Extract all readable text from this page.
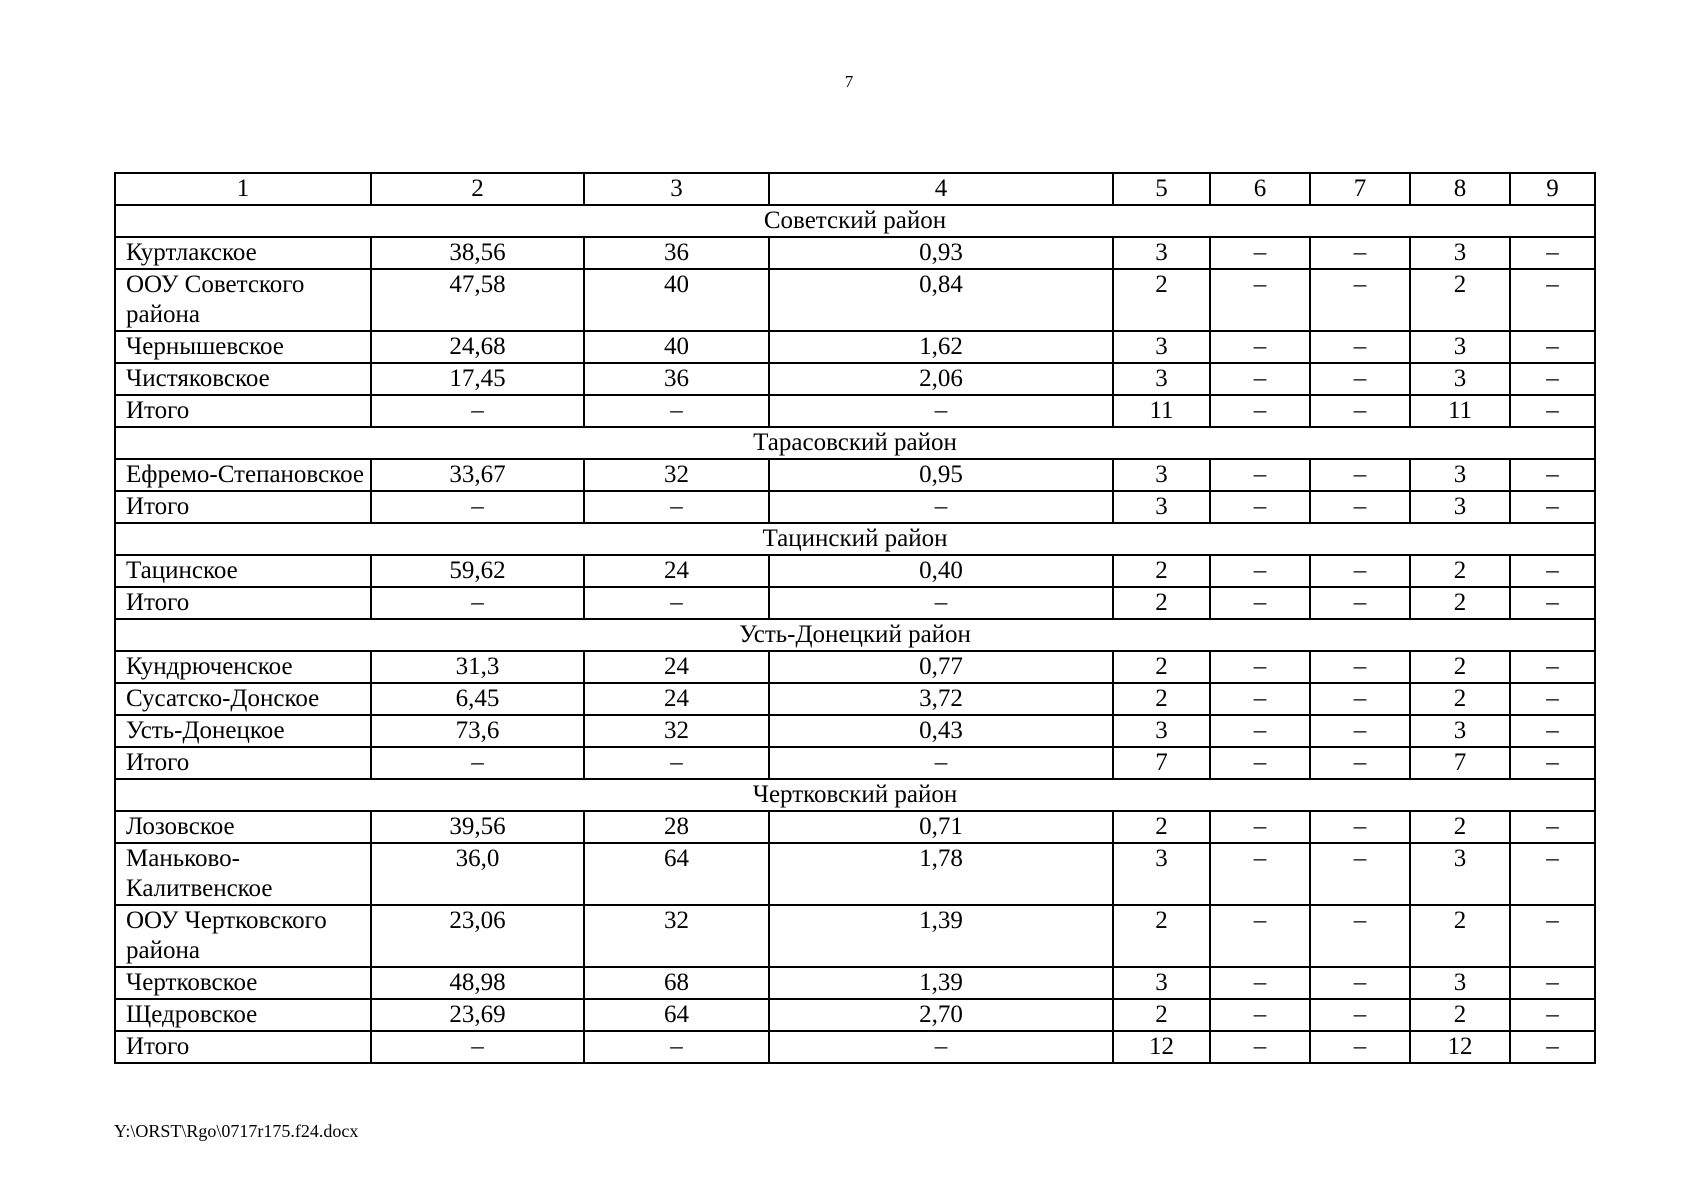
7
1	2	3	4	5	6	7	8	9
Советский район								
Куртлакское	38,56	36	0,93	3	–	–	3	–
ООУ Советского района	47,58	40	0,84	2	–	–	2	–
Чернышевское	24,68	40	1,62	3	–	–	3	–
Чистяковское	17,45	36	2,06	3	–	–	3	–
Итого	–	–	–	11	–	–	11	–
Тарасовский район								
Ефремо-Степановское	33,67	32	0,95	3	–	–	3	–
Итого	–	–	–	3	–	–	3	–
Тацинский район								
Тацинское	59,62	24	0,40	2	–	–	2	–
Итого	–	–	–	2	–	–	2	–
Усть-Донецкий район								
Кундрюченское	31,3	24	0,77	2	–	–	2	–
Сусатско-Донское	6,45	24	3,72	2	–	–	2	–
Усть-Донецкое	73,6	32	0,43	3	–	–	3	–
Итого	–	–	–	7	–	–	7	–
Чертковский район								
Лозовское	39,56	28	0,71	2	–	–	2	–
Маньково-Калитвенское	36,0	64	1,78	3	–	–	3	–
ООУ Чертковского района	23,06	32	1,39	2	–	–	2	–
Чертковское	48,98	68	1,39	3	–	–	3	–
Щедровское	23,69	64	2,70	2	–	–	2	–
Итого	–	–	–	12	–	–	12	–
Y:\ORST\Rgo\0717r175.f24.docx
